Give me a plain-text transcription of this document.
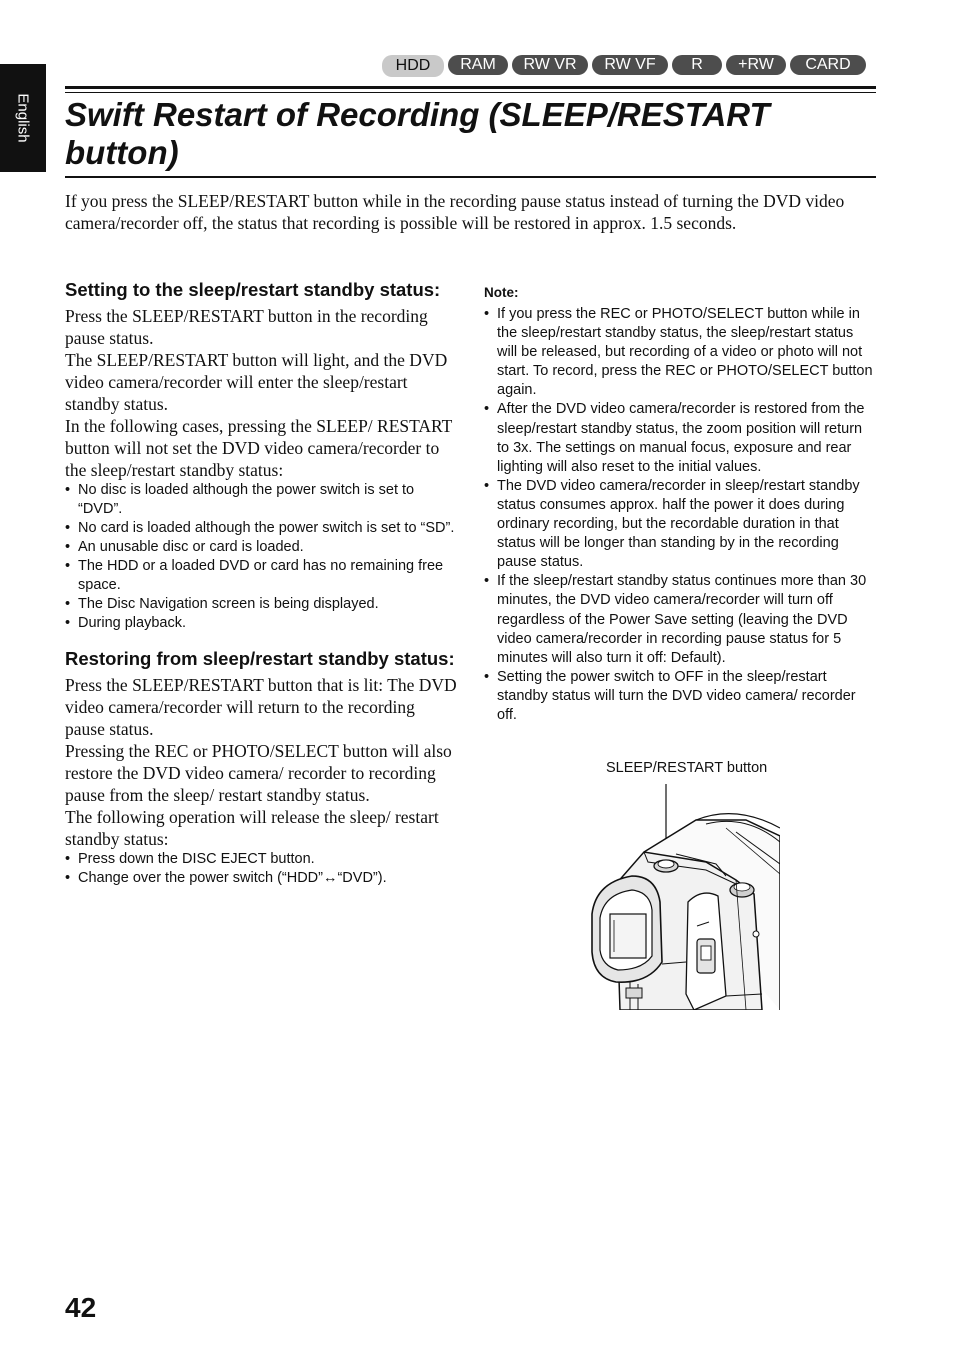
English
HDD	RAM	RW VR	RW VF	R	+RW	CARD
Swift Restart of Recording (SLEEP/RESTART button)

If you press the SLEEP/RESTART button while in the recording pause status instead of turning the DVD video camera/recorder off, the status that recording is possible will be restored in approx. 1.5 seconds.

Setting to the sleep/restart standby status:

Press the SLEEP/RESTART button in the recording pause status.

The SLEEP/RESTART button will light, and the DVD video camera/recorder will enter the sleep/restart standby status.

In the following cases, pressing the SLEEP/ RESTART button will not set the DVD video camera/recorder to the sleep/restart standby status:

• No disc is loaded although the power switch is set to “DVD”.
• No card is loaded although the power switch is set to “SD”.
• An unusable disc or card is loaded.
• The HDD or a loaded DVD or card has no remaining free space.
• The Disc Navigation screen is being displayed.
• During playback.
Restoring from sleep/restart standby status:

Press the SLEEP/RESTART button that is lit: The DVD video camera/recorder will return to the recording pause status.

Pressing the REC or PHOTO/SELECT button will also restore the DVD video camera/ recorder to recording pause from the sleep/ restart standby status.

The following operation will release the sleep/ restart standby status:

• Press down the DISC EJECT button.
• Change over the power switch (“HDD”↔“DVD”).
Note:
• If you press the REC or PHOTO/SELECT button while in the sleep/restart standby status, the sleep/restart status will be released, but recording of a video or photo will not start. To record, press the REC or PHOTO/SELECT button again.
• After the DVD video camera/recorder is restored from the sleep/restart standby status, the zoom position will return to 3x. The settings on manual focus, exposure and rear lighting will also reset to the initial values.
• The DVD video camera/recorder in sleep/restart standby status consumes approx. half the power it does during ordinary recording, but the recordable duration in that status will be longer than standing by in the recording pause status.
• If the sleep/restart standby status continues more than 30 minutes, the DVD video camera/recorder will turn off regardless of the Power Save setting (leaving the DVD video camera/recorder in recording pause status for 5 minutes will also turn it off: Default).
• Setting the power switch to OFF in the sleep/restart standby status will turn the DVD video camera/ recorder off.
SLEEP/RESTART button
42
